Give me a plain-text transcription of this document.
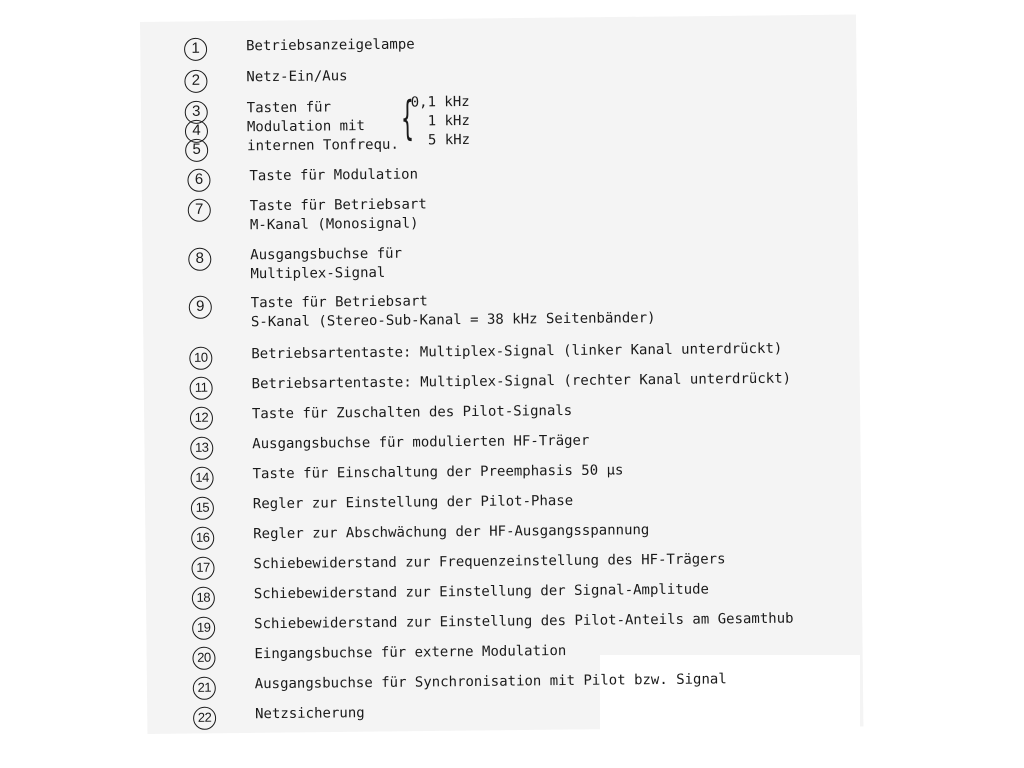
1	Betriebsanzeigelampe
2	Netz-Ein/Aus
3	Tasten für
4	Modulation mit
5	internen Tonfrequ.
{
0,1 kHz
1 kHz
5 kHz
6	Taste für Modulation
7	Taste für Betriebsart
M-Kanal (Monosignal)
8	Ausgangsbuchse für
Multiplex-Signal
9	Taste für Betriebsart
S-Kanal (Stereo-Sub-Kanal = 38 kHz Seitenbänder)
10	Betriebsartentaste: Multiplex-Signal (linker Kanal unterdrückt)
11	Betriebsartentaste: Multiplex-Signal (rechter Kanal unterdrückt)
12	Taste für Zuschalten des Pilot-Signals
13	Ausgangsbuchse für modulierten HF-Träger
14	Taste für Einschaltung der Preemphasis 50 µs
15	Regler zur Einstellung der Pilot-Phase
16	Regler zur Abschwächung der HF-Ausgangsspannung
17	Schiebewiderstand zur Frequenzeinstellung des HF-Trägers
18	Schiebewiderstand zur Einstellung der Signal-Amplitude
19	Schiebewiderstand zur Einstellung des Pilot-Anteils am Gesamthub
20	Eingangsbuchse für externe Modulation
21	Ausgangsbuchse für Synchronisation mit Pilot bzw. Signal
22	Netzsicherung
